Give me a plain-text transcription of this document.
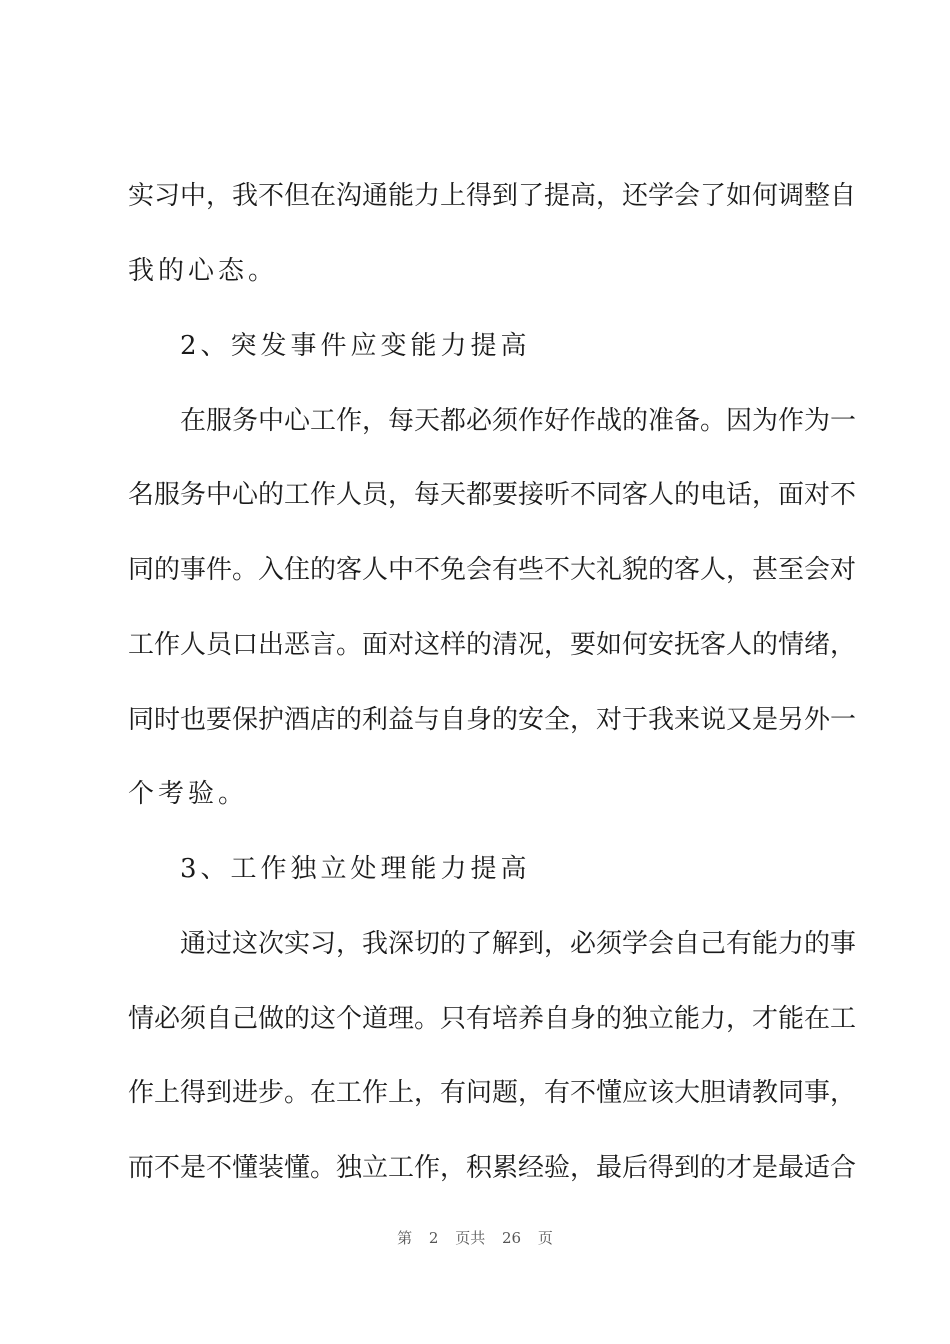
实习中，我不但在沟通能力上得到了提高，还学会了如何调整自
我的心态。
2、突发事件应变能力提高
在服务中心工作，每天都必须作好作战的准备。因为作为一
名服务中心的工作人员，每天都要接听不同客人的电话，面对不
同的事件。入住的客人中不免会有些不大礼貌的客人，甚至会对
工作人员口出恶言。面对这样的清况，要如何安抚客人的情绪，
同时也要保护酒店的利益与自身的安全，对于我来说又是另外一
个考验。
3、工作独立处理能力提高
通过这次实习，我深切的了解到，必须学会自己有能力的事
情必须自己做的这个道理。只有培养自身的独立能力，才能在工
作上得到进步。在工作上，有问题，有不懂应该大胆请教同事，
而不是不懂装懂。独立工作，积累经验，最后得到的才是最适合
第 2 页共 26 页
